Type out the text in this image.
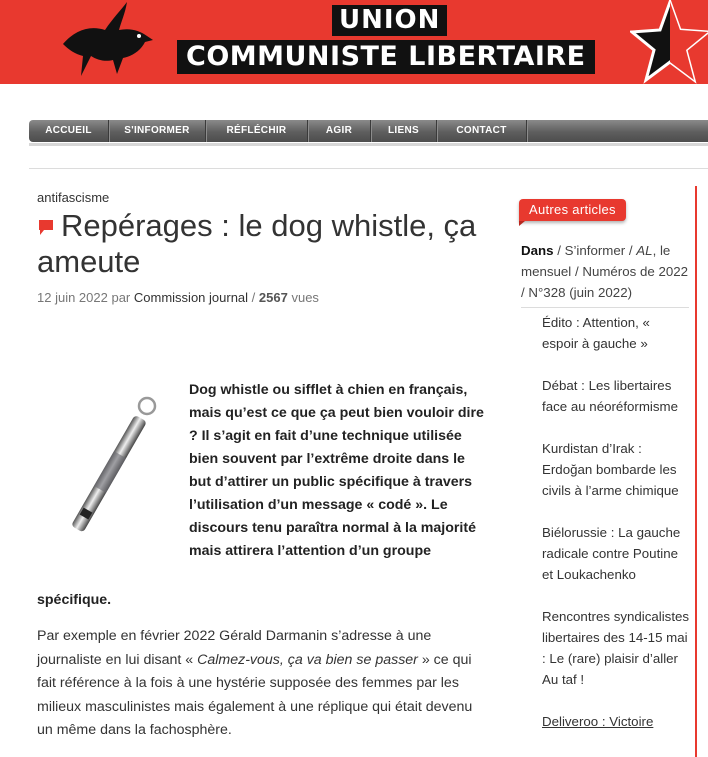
UNION
COMMUNISTE LIBERTAIRE
ACCUEIL	S'INFORMER	RÉFLÉCHIR	AGIR	LIENS	CONTACT
antifascisme
Repérages : le dog whistle, ça ameute
12 juin 2022 par Commission journal / 2567 vues
Dog whistle ou sifflet à chien en français, mais qu’est ce que ça peut bien vouloir dire ? Il s’agit en fait d’une technique utilisée bien souvent par l’extrême droite dans le but d’attirer un public spécifique à travers l’utilisation d’un message « codé ». Le discours tenu paraîtra normal à la majorité mais attirera l’attention d’un groupe
spécifique.

Par exemple en février 2022 Gérald Darmanin s’adresse à une journaliste en lui disant « Calmez-vous, ça va bien se passer » ce qui fait référence à la fois à une hystérie supposée des femmes par les milieux masculinistes mais également à une réplique qui était devenu un même dans la fachosphère.

Autres articles
Dans / S’informer / AL, le mensuel / Numéros de 2022 / N°328 (juin 2022)
Édito : Attention, « espoir à gauche »
Débat : Les libertaires face au néoréformisme
Kurdistan d’Irak : Erdoğan bombarde les civils à l’arme chimique
Biélorussie : La gauche radicale contre Poutine et Loukachenko
Rencontres syndicalistes libertaires des 14-15 mai : Le (rare) plaisir d’aller Au taf !
Deliveroo : Victoire
